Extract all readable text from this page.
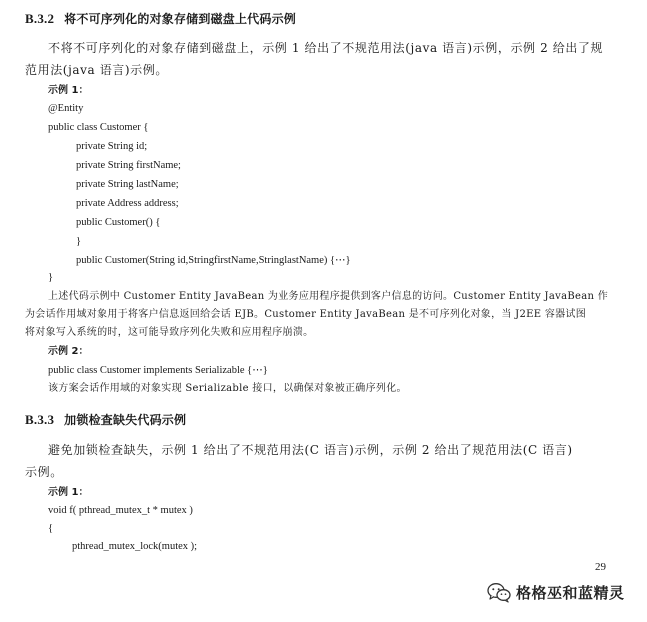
B.3.2 将不可序列化的对象存储到磁盘上代码示例
不将不可序列化的对象存储到磁盘上，示例 1 给出了不规范用法(java 语言)示例，示例 2 给出了规
范用法(java 语言)示例。
示例 1：
@Entity
public class Customer {
private String id;
private String firstName;
private String lastName;
private Address address;
public Customer() {
}
public Customer(String id,StringfirstName,StringlastName) {⋯}
}
上述代码示例中 Customer Entity JavaBean 为业务应用程序提供到客户信息的访问。Customer Entity JavaBean 作
为会话作用域对象用于将客户信息返回给会话 EJB。Customer Entity JavaBean 是不可序列化对象，当 J2EE 容器试图
将对象写入系统的时，这可能导致序列化失败和应用程序崩溃。
示例 2：
public class Customer implements Serializable {⋯}
该方案会话作用域的对象实现 Serializable 接口，以确保对象被正确序列化。
B.3.3 加锁检查缺失代码示例
避免加锁检查缺失，示例 1 给出了不规范用法(C 语言)示例，示例 2 给出了规范用法(C 语言)
示例。
示例 1：
void f( pthread_mutex_t * mutex )
{
pthread_mutex_lock(mutex );
29
格格巫和蓝精灵
